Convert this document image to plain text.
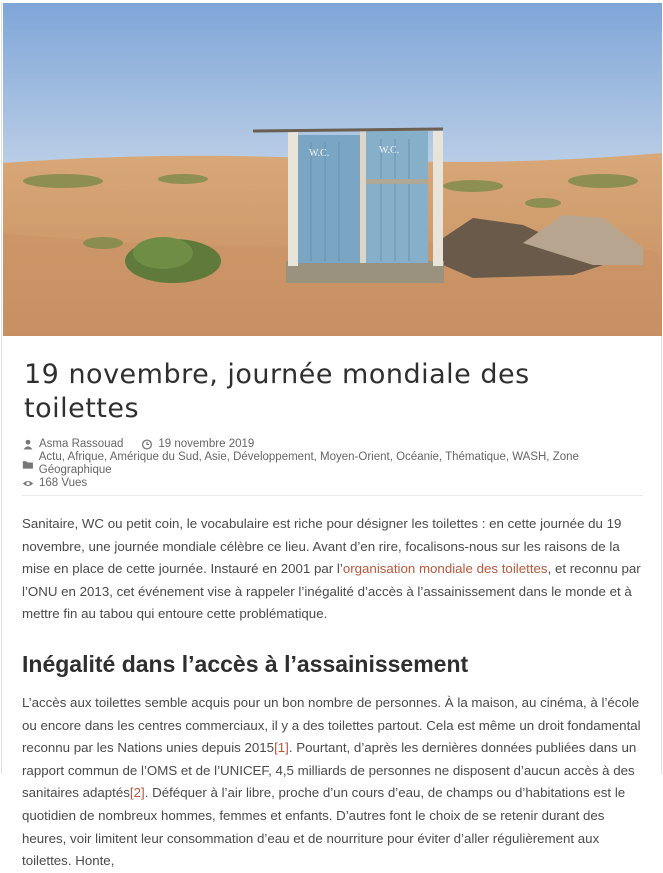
W.C.	W.C.
19 novembre, journée mondiale des toilettes
Asma Rassouad	19 novembre 2019
Actu, Afrique, Amérique du Sud, Asie, Développement, Moyen-Orient, Océanie, Thématique, WASH, Zone Géographique
168 Vues

Sanitaire, WC ou petit coin, le vocabulaire est riche pour désigner les toilettes : en cette journée du 19 novembre, une journée mondiale célèbre ce lieu. Avant d’en rire, focalisons-nous sur les raisons de la mise en place de cette journée. Instauré en 2001 par l’organisation mondiale des toilettes, et reconnu par l’ONU en 2013, cet événement vise à rappeler l’inégalité d’accès à l’assainissement dans le monde et à mettre fin au tabou qui entoure cette problématique.

Inégalité dans l’accès à l’assainissement

L’accès aux toilettes semble acquis pour un bon nombre de personnes. À la maison, au cinéma, à l’école ou encore dans les centres commerciaux, il y a des toilettes partout. Cela est même un droit fondamental reconnu par les Nations unies depuis 2015[1]. Pourtant, d’après les dernières données publiées dans un rapport commun de l’OMS et de l’UNICEF, 4,5 milliards de personnes ne disposent d’aucun accès à des sanitaires adaptés[2]. Déféquer à l’air libre, proche d’un cours d’eau, de champs ou d’habitations est le quotidien de nombreux hommes, femmes et enfants. D’autres font le choix de se retenir durant des heures, voir limitent leur consommation d’eau et de nourriture pour éviter d’aller régulièrement aux toilettes. Honte,
